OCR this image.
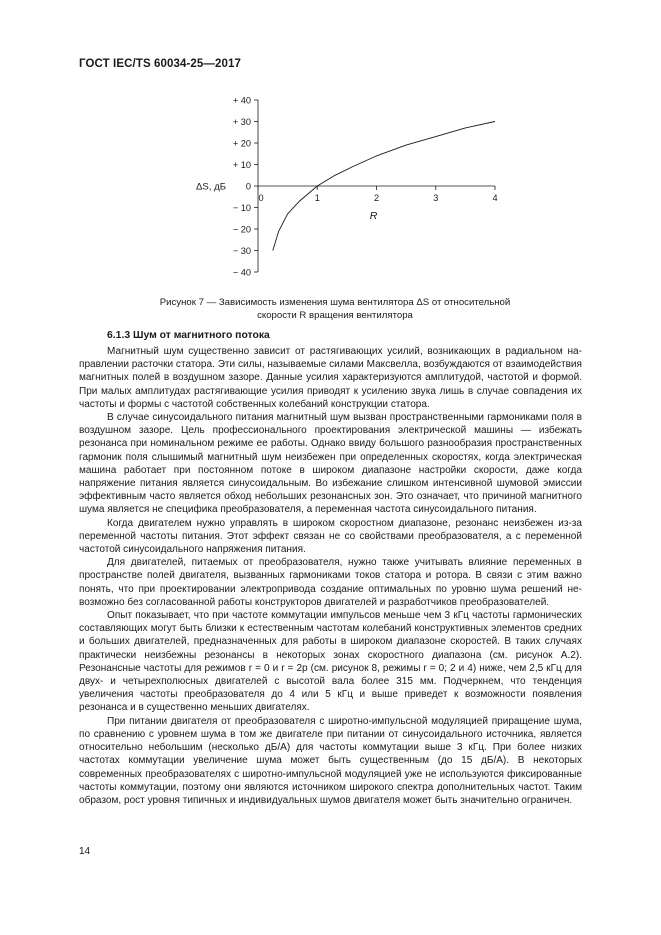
ГОСТ IEC/TS 60034-25—2017
+ 40
+ 30
+ 20
+ 10
0
− 10
− 20
− 30
− 40
0	1	2	3	4
ΔS, дБ
R
Рисунок 7 — Зависимость изменения шума вентилятора ΔS от относительной
скорости R вращения вентилятора
6.1.3 Шум от магнитного потока

Магнитный шум существенно зависит от растягивающих усилий, возникающих в радиальном направлении расточки статора. Эти силы, называемые силами Максвелла, возбуждаются от взаимодействия магнитных полей в воздушном зазоре. Данные усилия характеризуются амплитудой, частотой и формой. При малых амплитудах растягивающие усилия приводят к усилению звука лишь в случае совпадения их частоты и формы с частотой собственных колебаний конструкции статора.

В случае синусоидального питания магнитный шум вызван пространственными гармониками поля в воздушном зазоре. Цель профессионального проектирования электрической машины — избежать резонанса при номинальном режиме ее работы. Однако ввиду большого разнообразия пространственных гармоник поля слышимый магнитный шум неизбежен при определенных скоростях, когда электрическая машина работает при постоянном потоке в широком диапазоне настройки скорости, даже когда напряжение питания является синусоидальным. Во избежание слишком интенсивной шумовой эмиссии эффективным часто является обход небольших резонансных зон. Это означает, что причиной магнитного шума является не специфика преобразователя, а переменная частота синусоидального питания.

Когда двигателем нужно управлять в широком скоростном диапазоне, резонанс неизбежен из-за переменной частоты питания. Этот эффект связан не со свойствами преобразователя, а с переменной частотой синусоидального напряжения питания.

Для двигателей, питаемых от преобразователя, нужно также учитывать влияние переменных в пространстве полей двигателя, вызванных гармониками токов статора и ротора. В связи с этим важно понять, что при проектировании электропривода создание оптимальных по уровню шума решений невозможно без согласованной работы конструкторов двигателей и разработчиков преобразователей.

Опыт показывает, что при частоте коммутации импульсов меньше чем 3 кГц частоты гармонических составляющих могут быть близки к естественным частотам колебаний конструктивных элементов средних и больших двигателей, предназначенных для работы в широком диапазоне скоростей. В таких случаях практически неизбежны резонансы в некоторых зонах скоростного диапазона (см. рисунок А.2). Резонансные частоты для режимов r = 0 и r = 2p (см. рисунок 8, режимы r = 0; 2 и 4) ниже, чем 2,5 кГц для двух- и четырехполюсных двигателей с высотой вала более 315 мм. Подчеркнем, что тенденция увеличения частоты преобразователя до 4 или 5 кГц и выше приведет к возможности появления резонанса и в существенно меньших двигателях.

При питании двигателя от преобразователя с широтно-импульсной модуляцией приращение шума, по сравнению с уровнем шума в том же двигателе при питании от синусоидального источника, является относительно небольшим (несколько дБ/А) для частоты коммутации выше 3 кГц. При более низких частотах коммутации увеличение шума может быть существенным (до 15 дБ/А). В некоторых современных преобразователях с широтно-импульсной модуляцией уже не используются фиксированные частоты коммутации, поэтому они являются источником широкого спектра дополнительных частот. Таким образом, рост уровня типичных и индивидуальных шумов двигателя может быть значительно ограничен.

14
